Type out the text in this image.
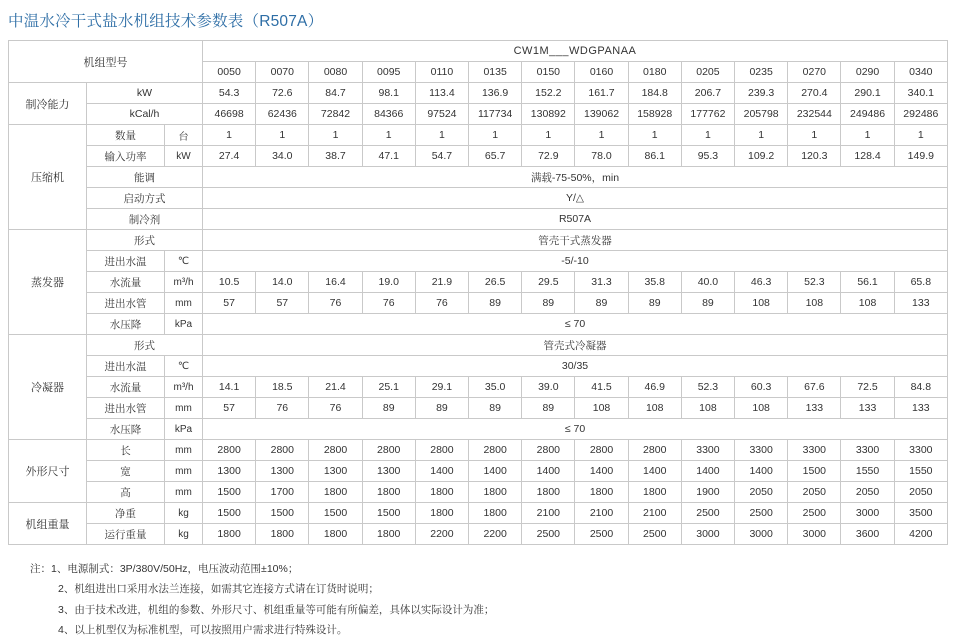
中温水冷干式盐水机组技术参数表（R507A）
机组型号			CW1M___WDGPANAA													
			0050	0070	0080	0095	0110	0135	0150	0160	0180	0205	0235	0270	0290	0340
制冷能力	kW		54.3	72.6	84.7	98.1	113.4	136.9	152.2	161.7	184.8	206.7	239.3	270.4	290.1	340.1
	kCal/h		46698	62436	72842	84366	97524	117734	130892	139062	158928	177762	205798	232544	249486	292486
压缩机	数量	台	1	1	1	1	1	1	1	1	1	1	1	1	1	1
	输入功率	kW	27.4	34.0	38.7	47.1	54.7	65.7	72.9	78.0	86.1	95.3	109.2	120.3	128.4	149.9
	能调		满载-75-50%，min													
	启动方式		Y/△													
	制冷剂		R507A													
蒸发器	形式		管壳干式蒸发器													
	进出水温	℃	-5/-10													
	水流量	m³/h	10.5	14.0	16.4	19.0	21.9	26.5	29.5	31.3	35.8	40.0	46.3	52.3	56.1	65.8
	进出水管	mm	57	57	76	76	76	89	89	89	89	89	108	108	108	133
	水压降	kPa	≤ 70													
冷凝器	形式		管壳式冷凝器													
	进出水温	℃	30/35													
	水流量	m³/h	14.1	18.5	21.4	25.1	29.1	35.0	39.0	41.5	46.9	52.3	60.3	67.6	72.5	84.8
	进出水管	mm	57	76	76	89	89	89	89	108	108	108	108	133	133	133
	水压降	kPa	≤ 70													
外形尺寸	长	mm	2800	2800	2800	2800	2800	2800	2800	2800	2800	3300	3300	3300	3300	3300
	宽	mm	1300	1300	1300	1300	1400	1400	1400	1400	1400	1400	1400	1500	1550	1550
	高	mm	1500	1700	1800	1800	1800	1800	1800	1800	1800	1900	2050	2050	2050	2050
机组重量	净重	kg	1500	1500	1500	1500	1800	1800	2100	2100	2100	2500	2500	2500	3000	3500
	运行重量	kg	1800	1800	1800	1800	2200	2200	2500	2500	2500	3000	3000	3000	3600	4200
注：1、电源制式：3P/380V/50Hz，电压波动范围±10%；
2、机组进出口采用水法兰连接，如需其它连接方式请在订货时说明；
3、由于技术改进，机组的参数、外形尺寸、机组重量等可能有所偏差，具体以实际设计为准；
4、以上机型仅为标准机型，可以按照用户需求进行特殊设计。
